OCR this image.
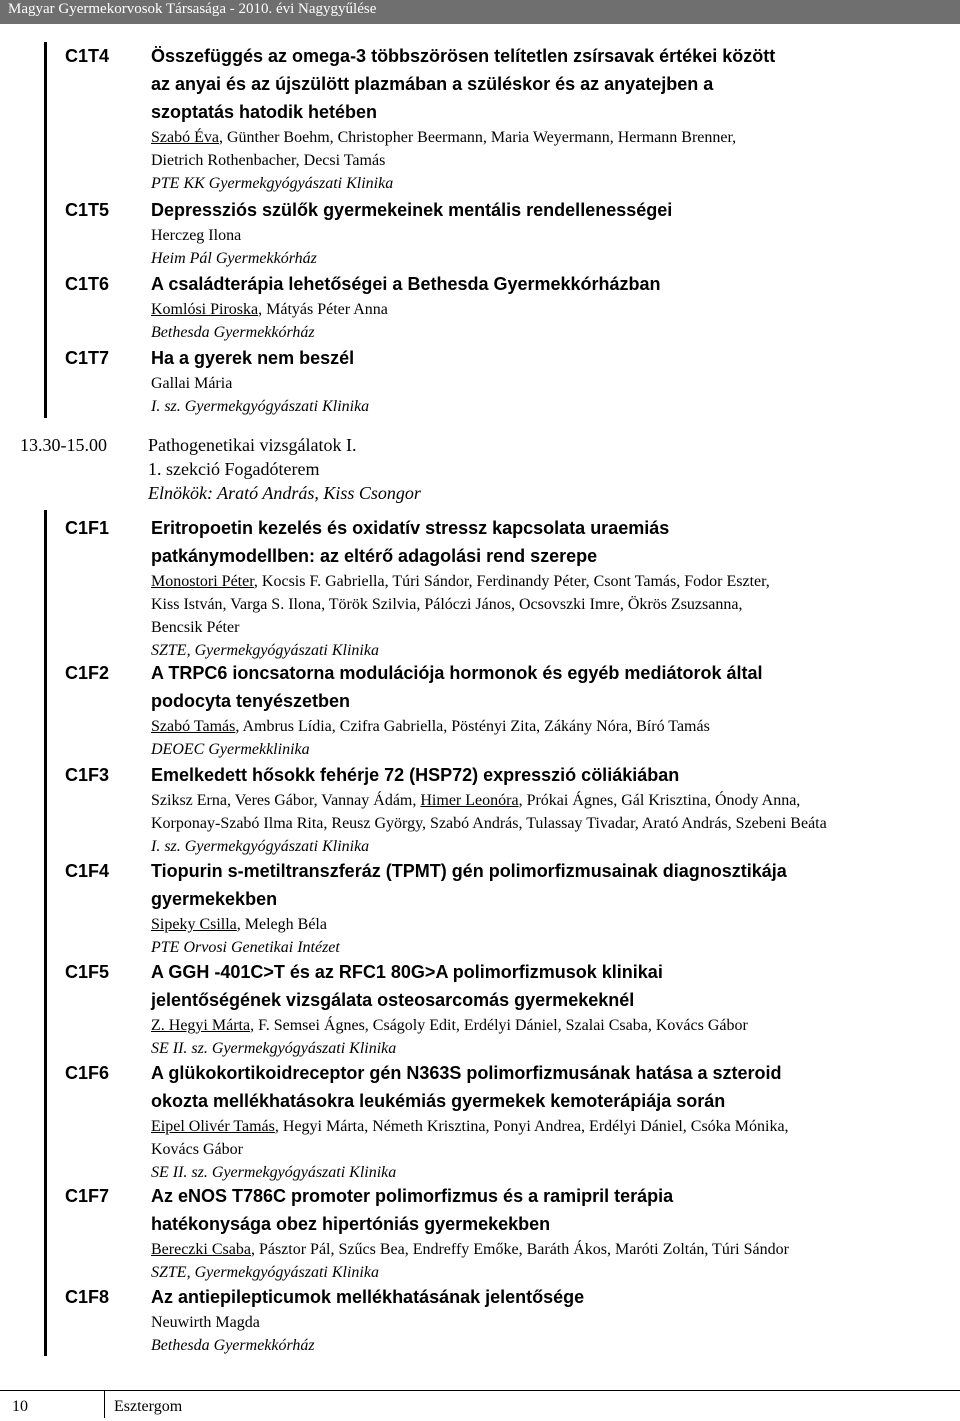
Magyar Gyermekorvosok Társasága - 2010. évi Nagygyűlése
C1T4 Összefüggés az omega-3 többszörösen telítetlen zsírsavak értékei között

az anyai és az újszülött plazmában a szüléskor és az anyatejben a

szoptatás hatodik hetében

Szabó Éva, Günther Boehm, Christopher Beermann, Maria Weyermann, Hermann Brenner,

Dietrich Rothenbacher, Decsi Tamás

PTE KK Gyermekgyógyászati Klinika

C1T5 Depressziós szülők gyermekeinek mentális rendellenességei

Herczeg Ilona

Heim Pál Gyermekkórház

C1T6 A családterápia lehetőségei a Bethesda Gyermekkórházban

Komlósi Piroska, Mátyás Péter Anna

Bethesda Gyermekkórház

C1T7 Ha a gyerek nem beszél

Gallai Mária

I. sz. Gyermekgyógyászati Klinika

13.30-15.00 Pathogenetikai vizsgálatok I.
1. szekció Fogadóterem
Elnökök: Arató András, Kiss Csongor
C1F1 Eritropoetin kezelés és oxidatív stressz kapcsolata uraemiás

patkánymodellben: az eltérő adagolási rend szerepe

Monostori Péter, Kocsis F. Gabriella, Túri Sándor, Ferdinandy Péter, Csont Tamás, Fodor Eszter,

Kiss István, Varga S. Ilona, Török Szilvia, Pálóczi János, Ocsovszki Imre, Ökrös Zsuzsanna,

Bencsik Péter

SZTE, Gyermekgyógyászati Klinika

C1F2 A TRPC6 ioncsatorna modulációja hormonok és egyéb mediátorok által

podocyta tenyészetben

Szabó Tamás, Ambrus Lídia, Czifra Gabriella, Pöstényi Zita, Zákány Nóra, Bíró Tamás

DEOEC Gyermekklinika

C1F3 Emelkedett hősokk fehérje 72 (HSP72) expresszió cöliákiában

Sziksz Erna, Veres Gábor, Vannay Ádám, Himer Leonóra, Prókai Ágnes, Gál Krisztina, Ónody Anna,

Korponay-Szabó Ilma Rita, Reusz György, Szabó András, Tulassay Tivadar, Arató András, Szebeni Beáta

I. sz. Gyermekgyógyászati Klinika

C1F4 Tiopurin s-metiltranszferáz (TPMT) gén polimorfizmusainak diagnosztikája

gyermekekben

Sipeky Csilla, Melegh Béla

PTE Orvosi Genetikai Intézet

C1F5 A GGH -401C>T és az RFC1 80G>A polimorfizmusok klinikai

jelentőségének vizsgálata osteosarcomás gyermekeknél

Z. Hegyi Márta, F. Semsei Ágnes, Cságoly Edit, Erdélyi Dániel, Szalai Csaba, Kovács Gábor

SE II. sz. Gyermekgyógyászati Klinika

C1F6 A glükokortikoidreceptor gén N363S polimorfizmusának hatása a szteroid

okozta mellékhatásokra leukémiás gyermekek kemoterápiája során

Eipel Olivér Tamás, Hegyi Márta, Németh Krisztina, Ponyi Andrea, Erdélyi Dániel, Csóka Mónika,

Kovács Gábor

SE II. sz. Gyermekgyógyászati Klinika

C1F7 Az eNOS T786C promoter polimorfizmus és a ramipril terápia

hatékonysága obez hipertóniás gyermekekben

Bereczki Csaba, Pásztor Pál, Szűcs Bea, Endreffy Emőke, Baráth Ákos, Maróti Zoltán, Túri Sándor

SZTE, Gyermekgyógyászati Klinika

C1F8 Az antiepilepticumok mellékhatásának jelentősége

Neuwirth Magda

Bethesda Gyermekkórház

10	Esztergom
